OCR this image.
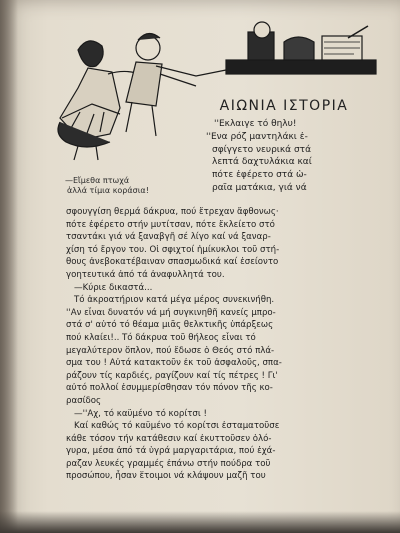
ΑΙΩΝΙΑ ΙΣΤΟΡΙΑ
—Εἴμεθα πτωχά
ἀλλά τίμια κοράσια!
''Εκλαιγε τό θηλυ!
''Ενα ρόζ μαντηλάκι ἐ-
σφίγγετο νευρικά στά
λεπτά δαχτυλάκια καί
πότε ἐφέρετο στά ὡ-
ραῖα ματάκια, γιά νά
σφουγγίση θερμά δάκρυα, πού ἔτρεχαν ἄφθονως·
πότε ἐφέρετο στήν μυτίτσαν, πότε ἔκλείετο στό
τσαντάκι γιά νά ξαναβγῆ σέ λίγο καί νά ξαναρ-
χίση τό ἔργον του. Οἱ σφιχτοί ἡμίκυκλοι τοῦ στή-
θους ἀνεβοκατέβαιναν σπασμωδικά καί ἐσείοντο
γοητευτικά ἀπό τά ἀναφυλλητά του.
—Κύριε δικαστά...
Τό ἀκροατήριον κατά μέγα μέρος συνεκινήθη.
''Αν εἶναι δυνατόν νά μή συγκινηθῆ κανείς μπρο-
στά σ' αὐτό τό θέαμα μιᾶς θελκτικῆς ὑπάρξεως
πού κλαίει!.. Τό δάκρυα τοῦ θήλεος εἶναι τό
μεγαλύτερον ὅπλον, πού ἔδωσε ὁ Θεός στό πλά-
σμα του ! Αὐτά κατακτοῦν ἐκ τοῦ ἀσφαλοῦς, σπα-
ράζουν τίς καρδιές, ραγίζουν καί τίς πέτρες ! Γι'
αὐτό πολλοί ἐσυμμερίσθησαν τόν πόνον τῆς κο-
ρασίδος
—''Αχ, τό καϋμένο τό κορίτσι !
Καί καθώς τό καϋμένο τό κορίτσι ἐσταματοῦσε
κάθε τόσον τήν κατάθεσιν καί ἐκυττοῦσεν ὁλό-
γυρα, μέσα ἀπό τά ὑγρά μαργαριτάρια, πού ἐχά-
ραζαν λευκές γραμμές ἐπάνω στήν πούδρα τοῦ
προσώπου, ἦσαν ἕτοιμοι νά κλάψουν μαζῆ του
